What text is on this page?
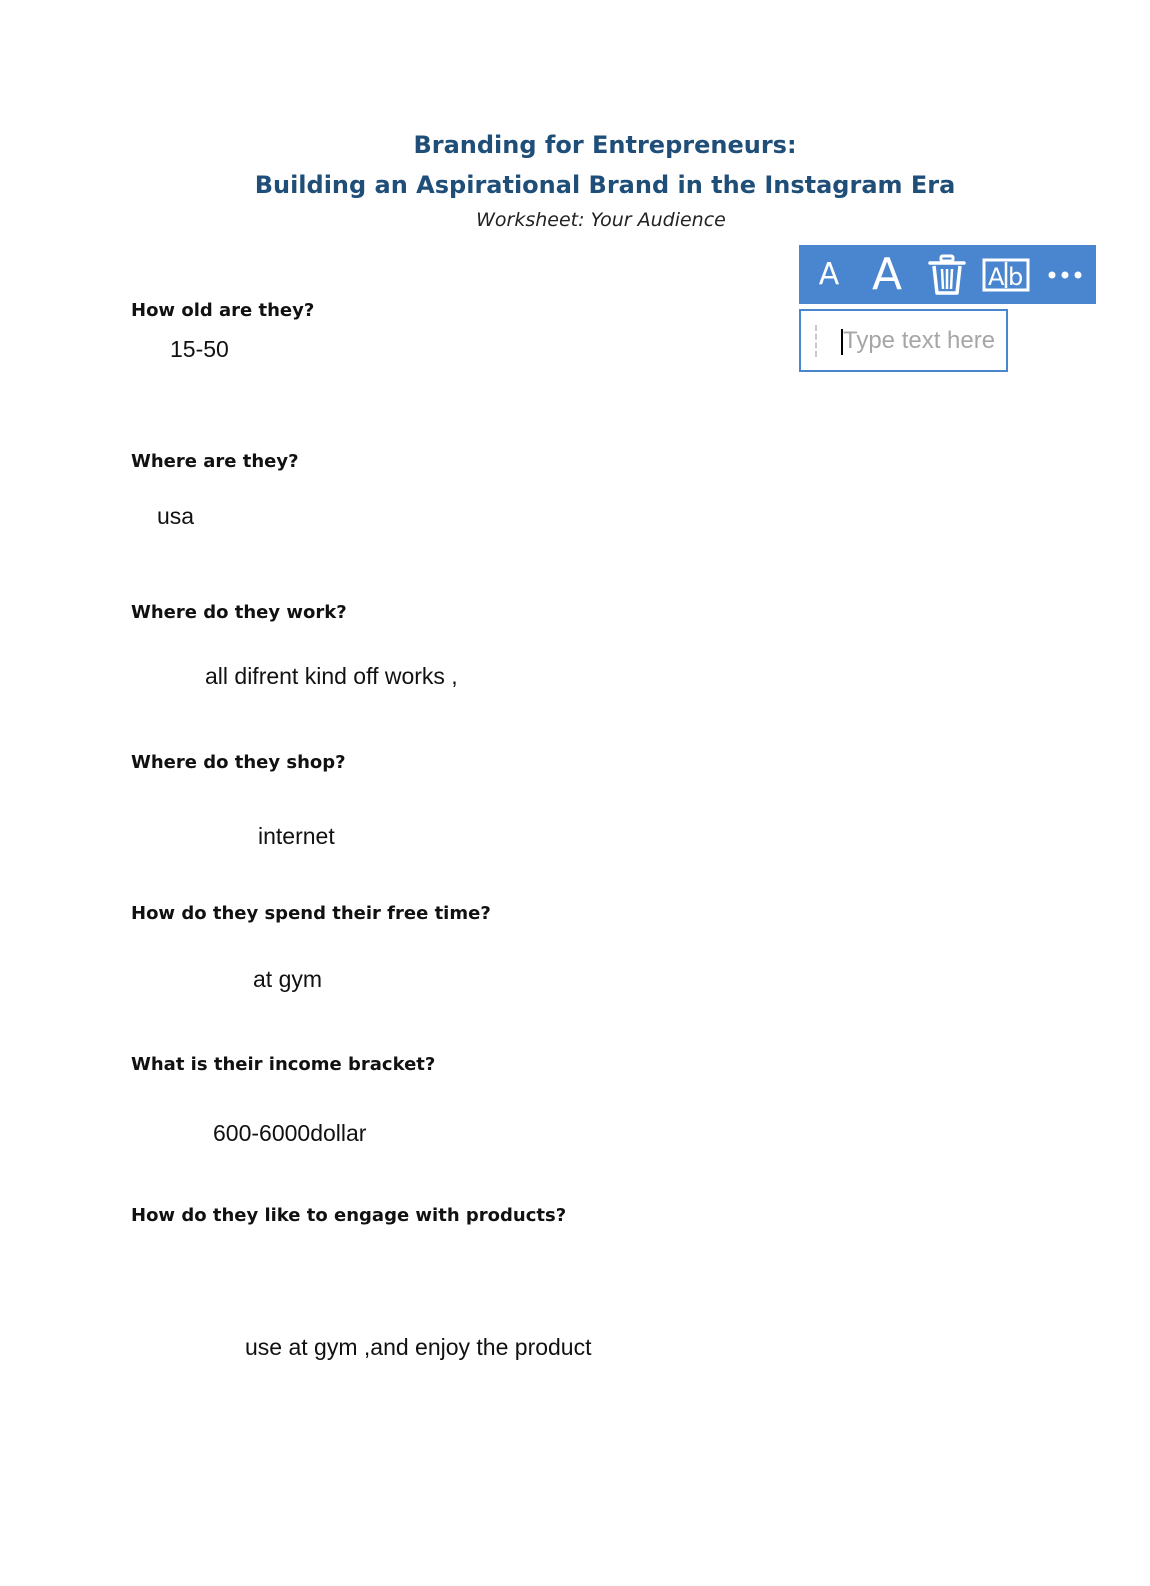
Branding for Entrepreneurs:
Building an Aspirational Brand in the Instagram Era
Worksheet: Your Audience
How old are they?
15-50
Where are they?
usa
Where do they work?
all difrent kind off works ,
Where do they shop?
internet
How do they spend their free time?
at gym
What is their income bracket?
600-6000dollar
How do they like to engage with products?
use at gym ,and enjoy the product
A A	A b
Type text here
